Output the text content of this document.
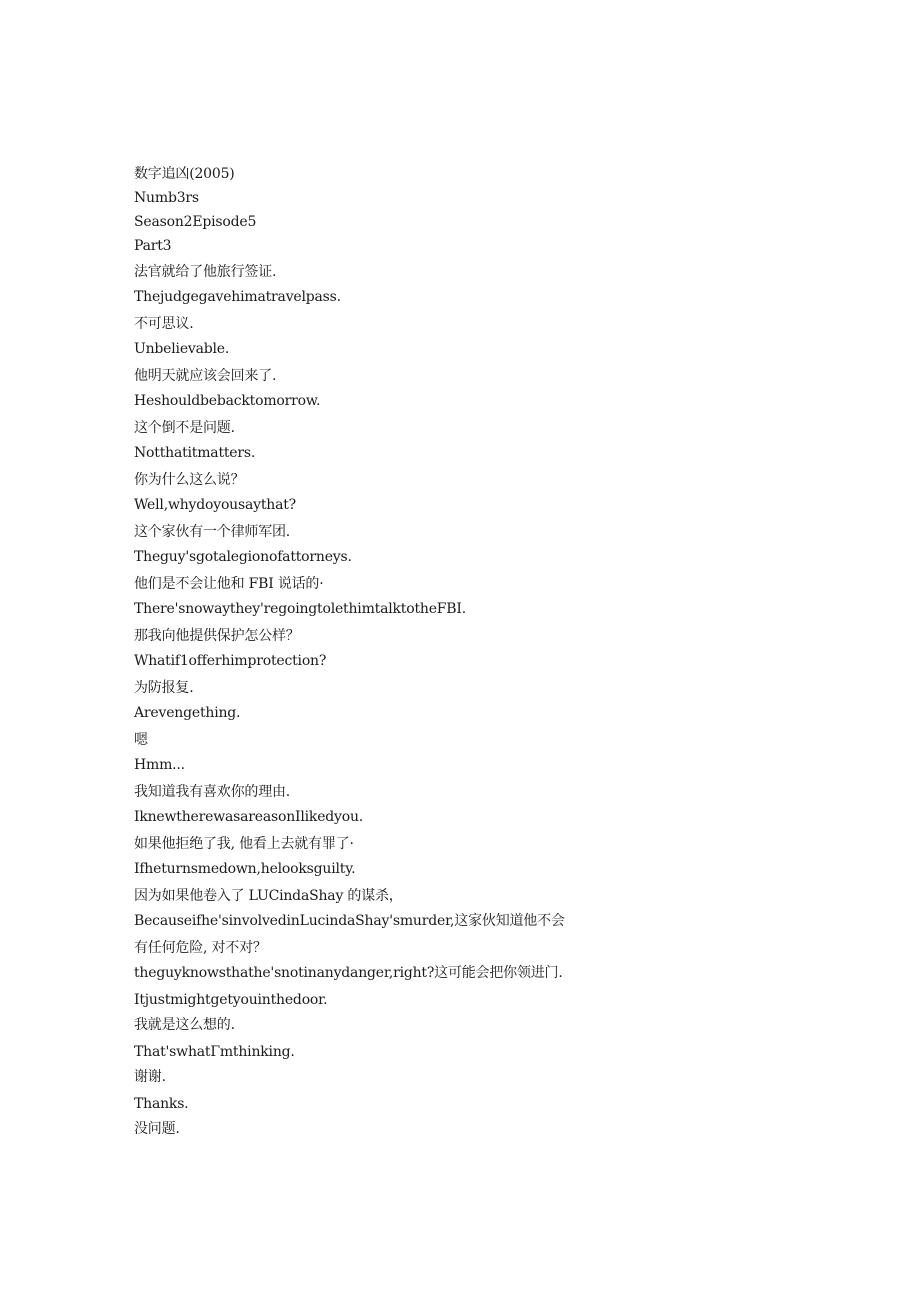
数字追凶(2005)
Numb3rs
Season2Episode5
Part3
法官就给了他旅行签证.
Thejudgegavehimatravelpass.
不可思议.
Unbelievable.
他明天就应该会回来了.
Heshouldbebacktomorrow.
这个倒不是问题.
Notthatitmatters.
你为什么这么说？
Well,whydoyousaythat?
这个家伙有一个律师军团.
Theguy'sgotalegionofattorneys.
他们是不会让他和 FBI 说话的·
There'snowaythey'regoingtolethimtalktotheFBI.
那我向他提供保护怎公样？
Whatif1offerhimprotection?
为防报复.
Arevengething.
嗯
Hmm...
我知道我有喜欢你的理由.
IknewtherewasareasonIlikedyou.
如果他拒绝了我, 他看上去就有罪了·
Ifheturnsmedown,helooksguilty.
因为如果他卷入了 LUCindaShay 的谋杀，
Becauseifhe'sinvolvedinLucindaShay'smurder,这家伙知道他不会
有任何危险, 对不对？
theguyknowsthathe'snotinanydanger,right?这可能会把你领进门.
Itjustmightgetyouinthedoor.
我就是这么想的.
That'swhatΓmthinking.
谢谢.
Thanks.
没问题.
